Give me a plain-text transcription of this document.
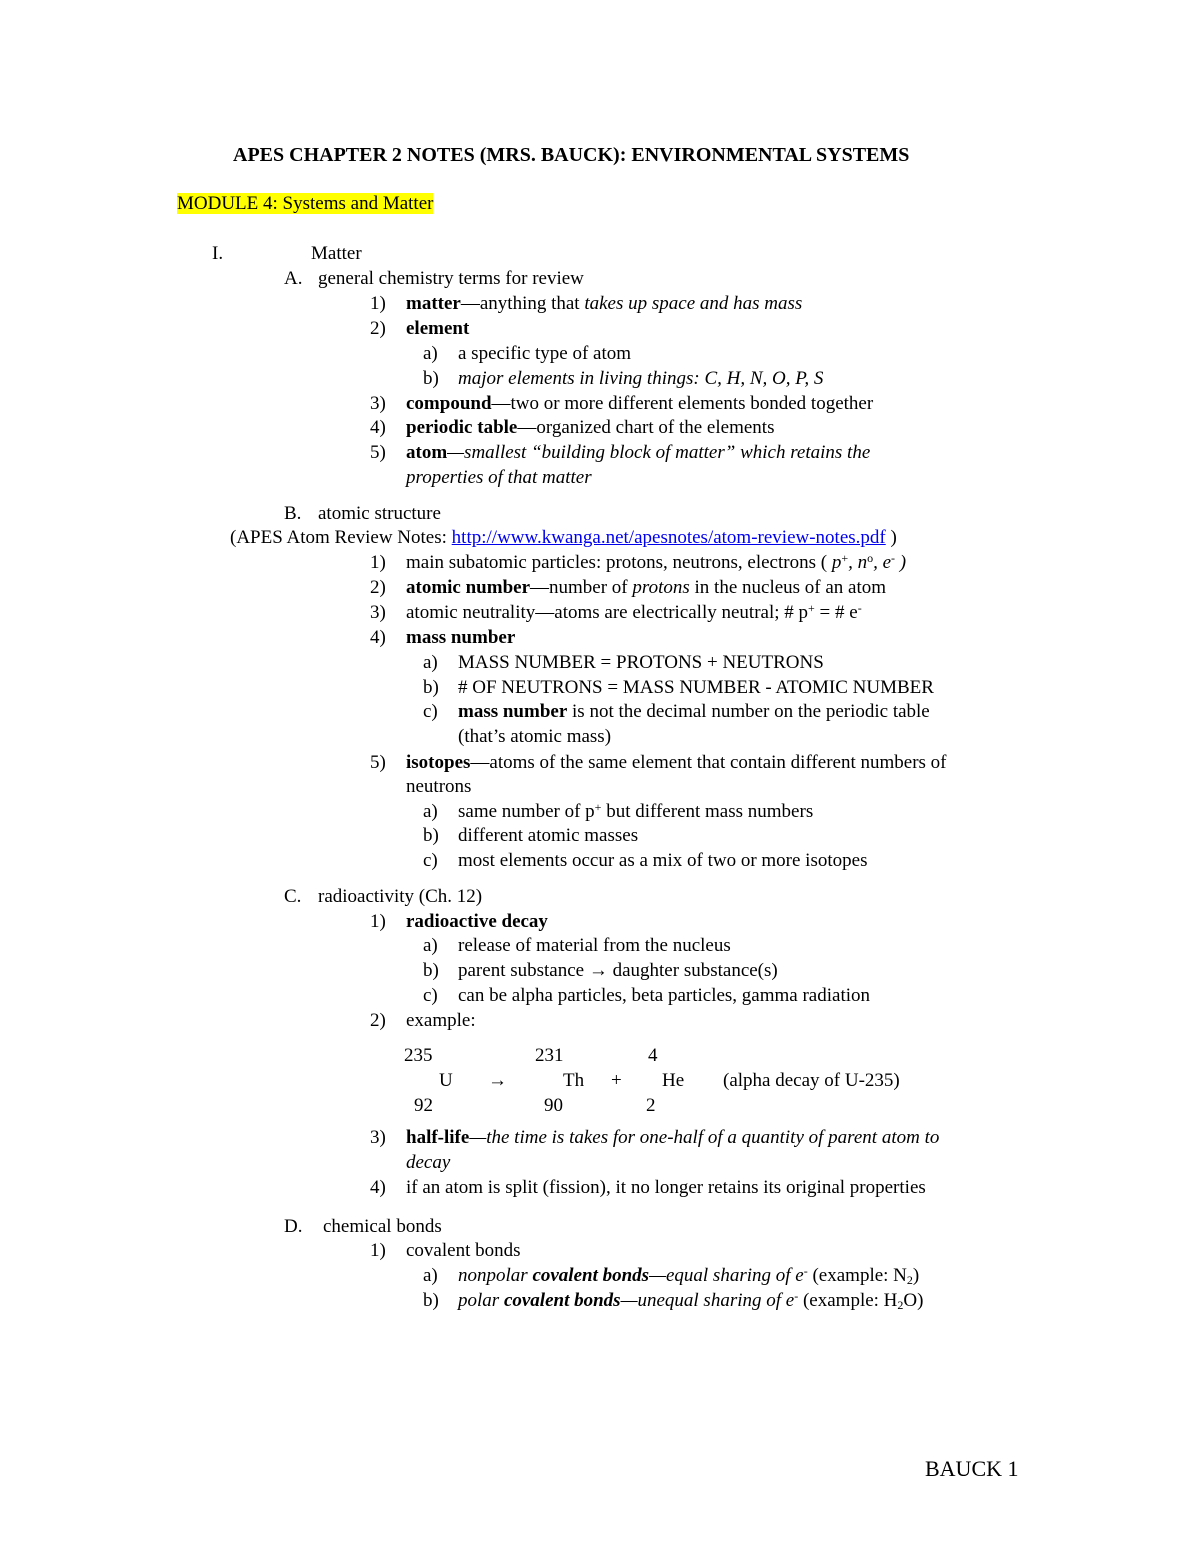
APES CHAPTER 2 NOTES (MRS. BAUCK): ENVIRONMENTAL SYSTEMS
MODULE 4: Systems and Matter
I.	Matter
A. general chemistry terms for review
1) matter—anything that takes up space and has mass
2) element
a) a specific type of atom
b) major elements in living things: C, H, N, O, P, S
3) compound—two or more different elements bonded together
4) periodic table—organized chart of the elements
5) atom—smallest “building block of matter” which retains the
properties of that matter
B. atomic structure
(APES Atom Review Notes: http://www.kwanga.net/apesnotes/atom-review-notes.pdf )
1) main subatomic particles: protons, neutrons, electrons ( p+, $n^o$, e- )
2) atomic number—number of protons in the nucleus of an atom
3) atomic neutrality—atoms are electrically neutral; # p+ = # e-
4) mass number
a) MASS NUMBER = PROTONS + NEUTRONS
b) # OF NEUTRONS = MASS NUMBER - ATOMIC NUMBER
c) mass number is not the decimal number on the periodic table
(that’s atomic mass)
5) isotopes—atoms of the same element that contain different numbers of
neutrons
a) same number of p+ but different mass numbers
b) different atomic masses
c) most elements occur as a mix of two or more isotopes
C. radioactivity (Ch. 12)
1) radioactive decay
a) release of material from the nucleus
b) parent substance → daughter substance(s)
c) can be alpha particles, beta particles, gamma radiation
2) example:
235	231	4
U →	Th + He (alpha decay of U-235)
92	90	2
3) half-life—the time is takes for one-half of a quantity of parent atom to
decay
4) if an atom is split (fission), it no longer retains its original properties
D. chemical bonds
1) covalent bonds
a) nonpolar covalent bonds—equal sharing of e- (example: $N_2$)
b) polar covalent bonds—unequal sharing of e- (example: $H_2O$)
BAUCK 1
